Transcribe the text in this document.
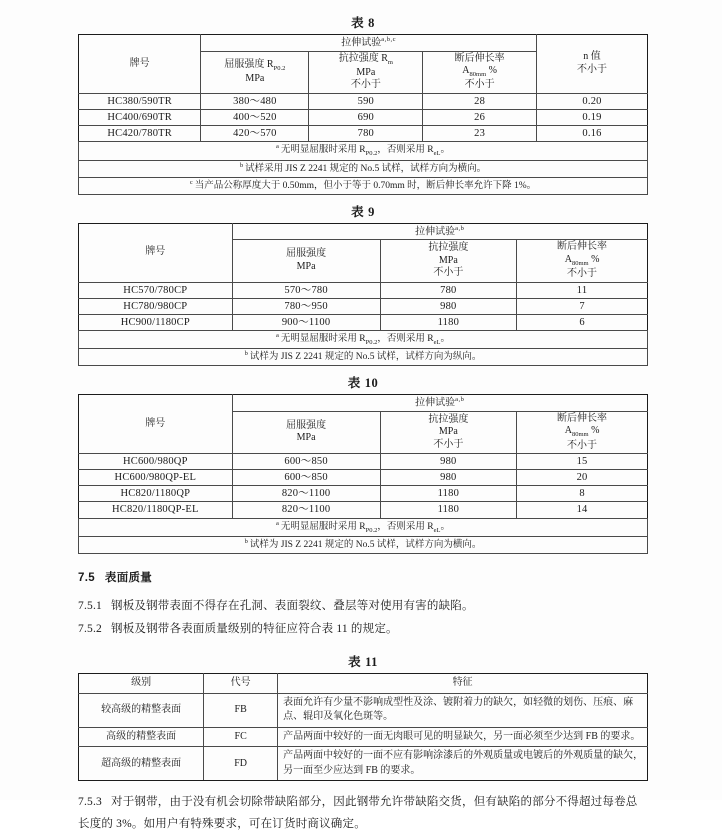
表 8
牌号	拉伸试验$^{a,b,c}$			n 值
不小于

屈服强度 $R_{P0.2}$
MPa

抗拉强度 $R_m$
MPa
不小于

断后伸长率
$A_{80mm}$ %
不小于

HC380/590TR	380～480	590	28	0.20
HC400/690TR	400～520	690	26	0.19
HC420/780TR	420～570	780	23	0.16
$^a$ 无明显屈服时采用 $R_{P0.2}$，否则采用 $R_{eL}$。				
$^b$ 试样采用 JIS Z 2241 规定的 No.5 试样，试样方向为横向。				
$^c$ 当产品公称厚度大于 0.50mm，但小于等于 0.70mm 时，断后伸长率允许下降 1%。				
表 9
牌号	拉伸试验$^{a,b}$

屈服强度
MPa

抗拉强度
MPa
不小于

断后伸长率
$A_{80mm}$ %
不小于

HC570/780CP	570～780	780	11
HC780/980CP	780～950	980	7
HC900/1180CP	900～1100	1180	6
$^a$ 无明显屈服时采用 $R_{P0.2}$，否则采用 $R_{eL}$。			
$^b$ 试样为 JIS Z 2241 规定的 No.5 试样，试样方向为纵向。			
表 10
牌号	拉伸试验$^{a,b}$

屈服强度
MPa

抗拉强度
MPa
不小于

断后伸长率
$A_{80mm}$ %
不小于

HC600/980QP	600～850	980	15
HC600/980QP-EL	600～850	980	20
HC820/1180QP	820～1100	1180	8
HC820/1180QP-EL	820～1100	1180	14
$^a$ 无明显屈服时采用 $R_{P0.2}$，否则采用 $R_{eL}$。			
$^b$ 试样为 JIS Z 2241 规定的 No.5 试样，试样方向为横向。			
7.5 表面质量

7.5.1 钢板及钢带表面不得存在孔洞、表面裂纹、叠层等对使用有害的缺陷。

7.5.2 钢板及钢带各表面质量级别的特征应符合表 11 的规定。

表 11
级别	代号	特征
较高级的精整表面	FB	表面允许有少量不影响成型性及涂、镀附着力的缺欠，如轻微的划伤、压痕、麻点、辊印及氧化色斑等。
高级的精整表面	FC	产品两面中较好的一面无肉眼可见的明显缺欠，另一面必须至少达到 FB 的要求。
超高级的精整表面	FD	产品两面中较好的一面不应有影响涂漆后的外观质量或电镀后的外观质量的缺欠，另一面至少应达到 FB 的要求。

7.5.3 对于钢带，由于没有机会切除带缺陷部分，因此钢带允许带缺陷交货，但有缺陷的部分不得超过每卷总长度的 3%。如用户有特殊要求，可在订货时商议确定。
